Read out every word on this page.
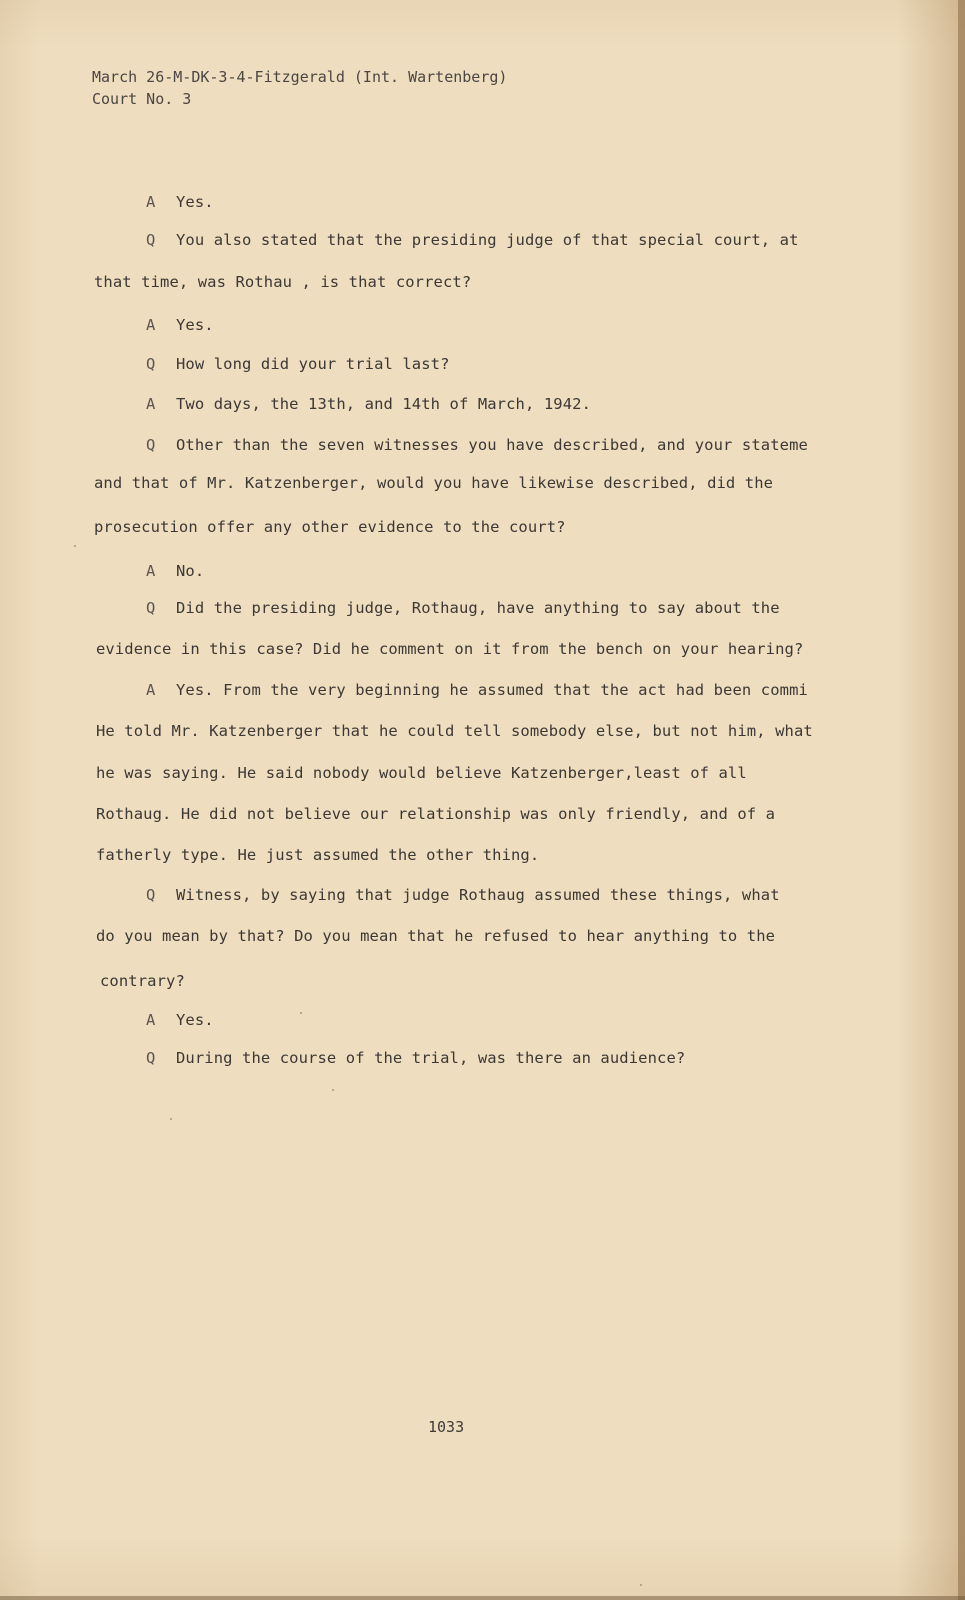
March 26-M-DK-3-4-Fitzgerald (Int. Wartenberg)
Court No. 3
A Yes.
Q You also stated that the presiding judge of that special court, at
that time, was Rothau , is that correct?
A Yes.
Q How long did your trial last?
A Two days, the 13th, and 14th of March, 1942.
Q Other than the seven witnesses you have described, and your stateme
and that of Mr. Katzenberger, would you have likewise described, did the
prosecution offer any other evidence to the court?
A No.
Q Did the presiding judge, Rothaug, have anything to say about the
evidence in this case? Did he comment on it from the bench on your hearing?
A Yes. From the very beginning he assumed that the act had been commi
He told Mr. Katzenberger that he could tell somebody else, but not him, what
he was saying. He said nobody would believe Katzenberger,least of all
Rothaug. He did not believe our relationship was only friendly, and of a
fatherly type. He just assumed the other thing.
Q Witness, by saying that judge Rothaug assumed these things, what
do you mean by that? Do you mean that he refused to hear anything to the
contrary?
A Yes.
Q During the course of the trial, was there an audience?
1033
